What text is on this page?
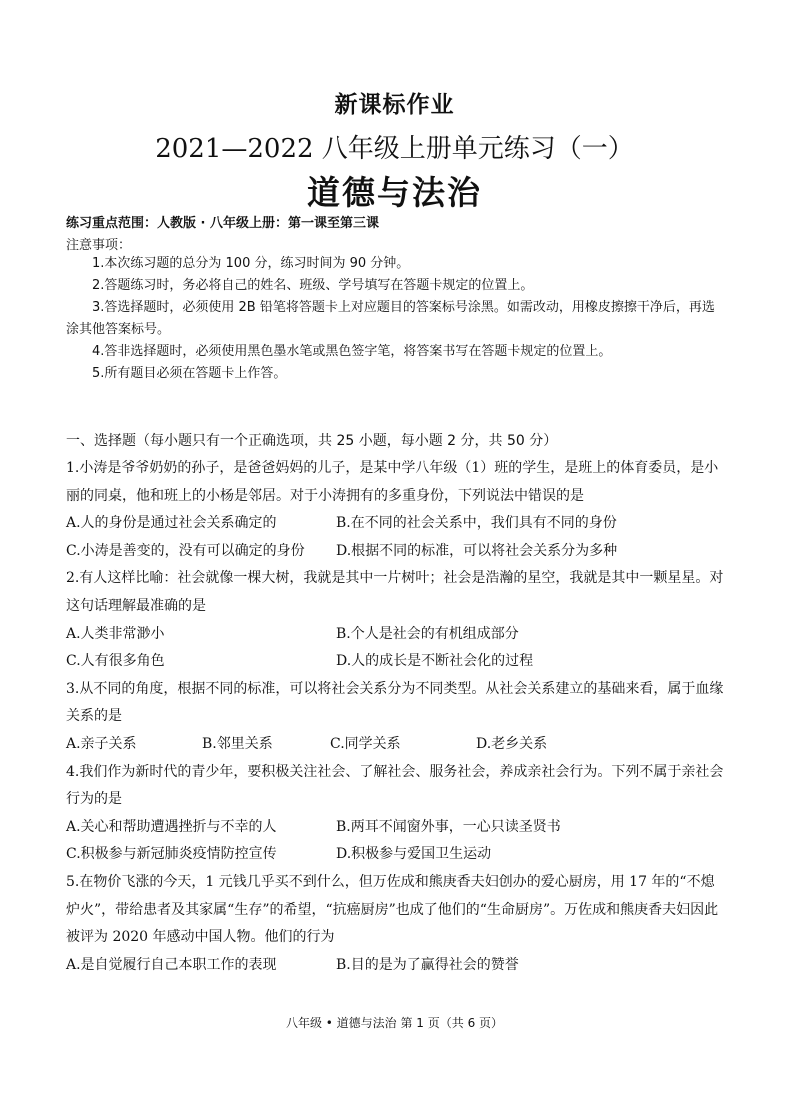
新课标作业
2021—2022 八年级上册单元练习（一）
道德与法治
练习重点范围：人教版 · 八年级上册：第一课至第三课
注意事项：

1.本次练习题的总分为 100 分，练习时间为 90 分钟。

2.答题练习时，务必将自己的姓名、班级、学号填写在答题卡规定的位置上。

3.答选择题时，必须使用 2B 铅笔将答题卡上对应题目的答案标号涂黑。如需改动，用橡皮擦擦干净后，再选涂其他答案标号。

4.答非选择题时，必须使用黑色墨水笔或黑色签字笔，将答案书写在答题卡规定的位置上。

5.所有题目必须在答题卡上作答。

一、选择题（每小题只有一个正确选项，共 25 小题，每小题 2 分，共 50 分）

1.小涛是爷爷奶奶的孙子，是爸爸妈妈的儿子，是某中学八年级（1）班的学生，是班上的体育委员，是小丽的同桌，他和班上的小杨是邻居。对于小涛拥有的多重身份，下列说法中错误的是

A.人的身份是通过社会关系确定的	B.在不同的社会关系中，我们具有不同的身份
C.小涛是善变的，没有可以确定的身份	D.根据不同的标准，可以将社会关系分为多种

2.有人这样比喻：社会就像一棵大树，我就是其中一片树叶；社会是浩瀚的星空，我就是其中一颗星星。对这句话理解最准确的是

A.人类非常渺小	B.个人是社会的有机组成部分
C.人有很多角色	D.人的成长是不断社会化的过程

3.从不同的角度，根据不同的标准，可以将社会关系分为不同类型。从社会关系建立的基础来看，属于血缘关系的是

A.亲子关系	B.邻里关系	C.同学关系	D.老乡关系

4.我们作为新时代的青少年，要积极关注社会、了解社会、服务社会，养成亲社会行为。下列不属于亲社会行为的是

A.关心和帮助遭遇挫折与不幸的人	B.两耳不闻窗外事，一心只读圣贤书
C.积极参与新冠肺炎疫情防控宣传	D.积极参与爱国卫生运动

5.在物价飞涨的今天，1 元钱几乎买不到什么，但万佐成和熊庚香夫妇创办的爱心厨房，用 17 年的“不熄炉火”，带给患者及其家属“生存”的希望，“抗癌厨房”也成了他们的“生命厨房”。万佐成和熊庚香夫妇因此被评为 2020 年感动中国人物。他们的行为

A.是自觉履行自己本职工作的表现	B.目的是为了赢得社会的赞誉
八年级 • 道德与法治 第 1 页（共 6 页）
